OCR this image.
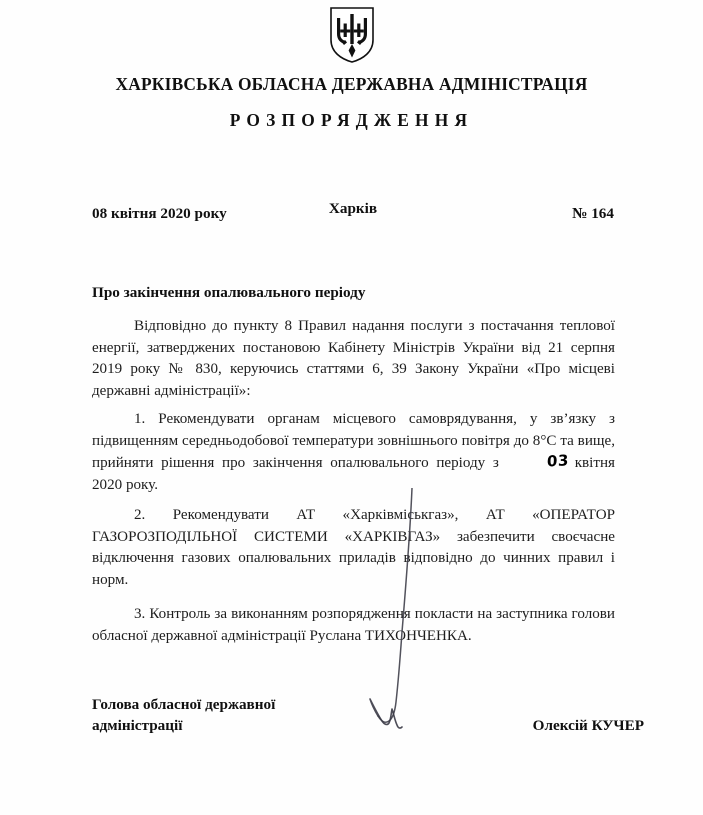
ХАРКІВСЬКА ОБЛАСНА ДЕРЖАВНА АДМІНІСТРАЦІЯ
РОЗПОРЯДЖЕННЯ
08 квітня 2020 року	Харків	№ 164
Про закінчення опалювального періоду

Відповідно до пункту 8 Правил надання послуги з постачання теплової енергії, затверджених постановою Кабінету Міністрів України від 21 серпня 2019 року № 830, керуючись статтями 6, 39 Закону України «Про місцеві державні адміністрації»:

1. Рекомендувати органам місцевого самоврядування, у зв’язку з підвищенням середньодобової температури зовнішнього повітря до 8°С та вище, прийняти рішення про закінчення опалювального періоду з	03 квітня 2020 року.

2. Рекомендувати АТ «Харківміськгаз», АТ «ОПЕРАТОР ГАЗОРОЗПОДІЛЬНОЇ СИСТЕМИ «ХАРКІВГАЗ» забезпечити своєчасне відключення газових опалювальних приладів відповідно до чинних правил і норм.

3. Контроль за виконанням розпорядження покласти на заступника голови обласної державної адміністрації Руслана ТИХОНЧЕНКА.

Голова обласної державної
адміністрації	Олексій КУЧЕР
